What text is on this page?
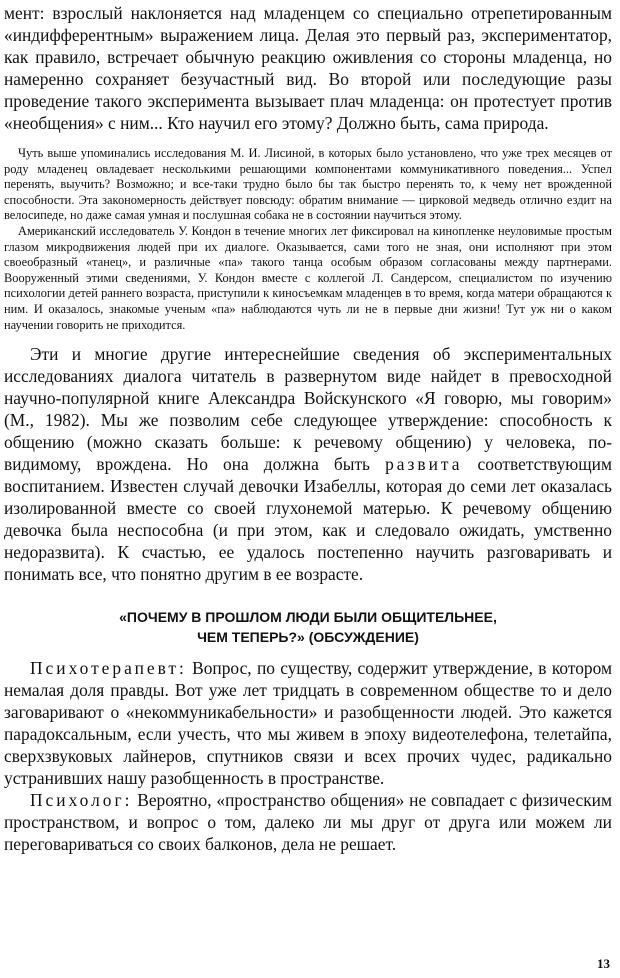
мент: взрослый наклоняется над младенцем со специально отрепетированным «индифферентным» выражением лица. Делая это первый раз, экспериментатор, как правило, встречает обычную реакцию оживления со стороны младенца, но намеренно сохраняет безучастный вид. Во второй или последующие разы проведение такого эксперимента вызывает плач младенца: он протестует против «необщения» с ним... Кто научил его этому? Должно быть, сама природа.

Чуть выше упоминались исследования М. И. Лисиной, в которых было установлено, что уже трех месяцев от роду младенец овладевает несколькими решающими компонентами коммуникативного поведения... Успел перенять, выучить? Возможно; и все-таки трудно было бы так быстро перенять то, к чему нет врожденной способности. Эта закономерность действует повсюду: обратим внимание — цирковой медведь отлично ездит на велосипеде, но даже самая умная и послушная собака не в состоянии научиться этому.

Американский исследователь У. Кондон в течение многих лет фиксировал на кинопленке неуловимые простым глазом микродвижения людей при их диалоге. Оказывается, сами того не зная, они исполняют при этом своеобразный «танец», и различные «па» такого танца особым образом согласованы между партнерами. Вооруженный этими сведениями, У. Кондон вместе с коллегой Л. Сандерсом, специалистом по изучению психологии детей раннего возраста, приступили к киносъемкам младенцев в то время, когда матери обращаются к ним. И оказалось, знакомые ученым «па» наблюдаются чуть ли не в первые дни жизни! Тут уж ни о каком научении говорить не приходится.

Эти и многие другие интереснейшие сведения об экспериментальных исследованиях диалога читатель в развернутом виде найдет в превосходной научно-популярной книге Александра Войскунского «Я говорю, мы говорим» (М., 1982). Мы же позволим себе следующее утверждение: способность к общению (можно сказать больше: к речевому общению) у человека, по-видимому, врождена. Но она должна быть развита соответствующим воспитанием. Известен случай девочки Изабеллы, которая до семи лет оказалась изолированной вместе со своей глухонемой матерью. К речевому общению девочка была неспособна (и при этом, как и следовало ожидать, умственно недоразвита). К счастью, ее удалось постепенно научить разговаривать и понимать все, что понятно другим в ее возрасте.

«ПОЧЕМУ В ПРОШЛОМ ЛЮДИ БЫЛИ ОБЩИТЕЛЬНЕЕ,
ЧЕМ ТЕПЕРЬ?» (ОБСУЖДЕНИЕ)

Психотерапевт: Вопрос, по существу, содержит утверждение, в котором немалая доля правды. Вот уже лет тридцать в современном обществе то и дело заговаривают о «некоммуникабельности» и разобщенности людей. Это кажется парадоксальным, если учесть, что мы живем в эпоху видеотелефона, телетайпа, сверхзвуковых лайнеров, спутников связи и всех прочих чудес, радикально устранивших нашу разобщенность в пространстве.

Психолог: Вероятно, «пространство общения» не совпадает с физическим пространством, и вопрос о том, далеко ли мы друг от друга или можем ли переговариваться со своих балконов, дела не решает.

13
